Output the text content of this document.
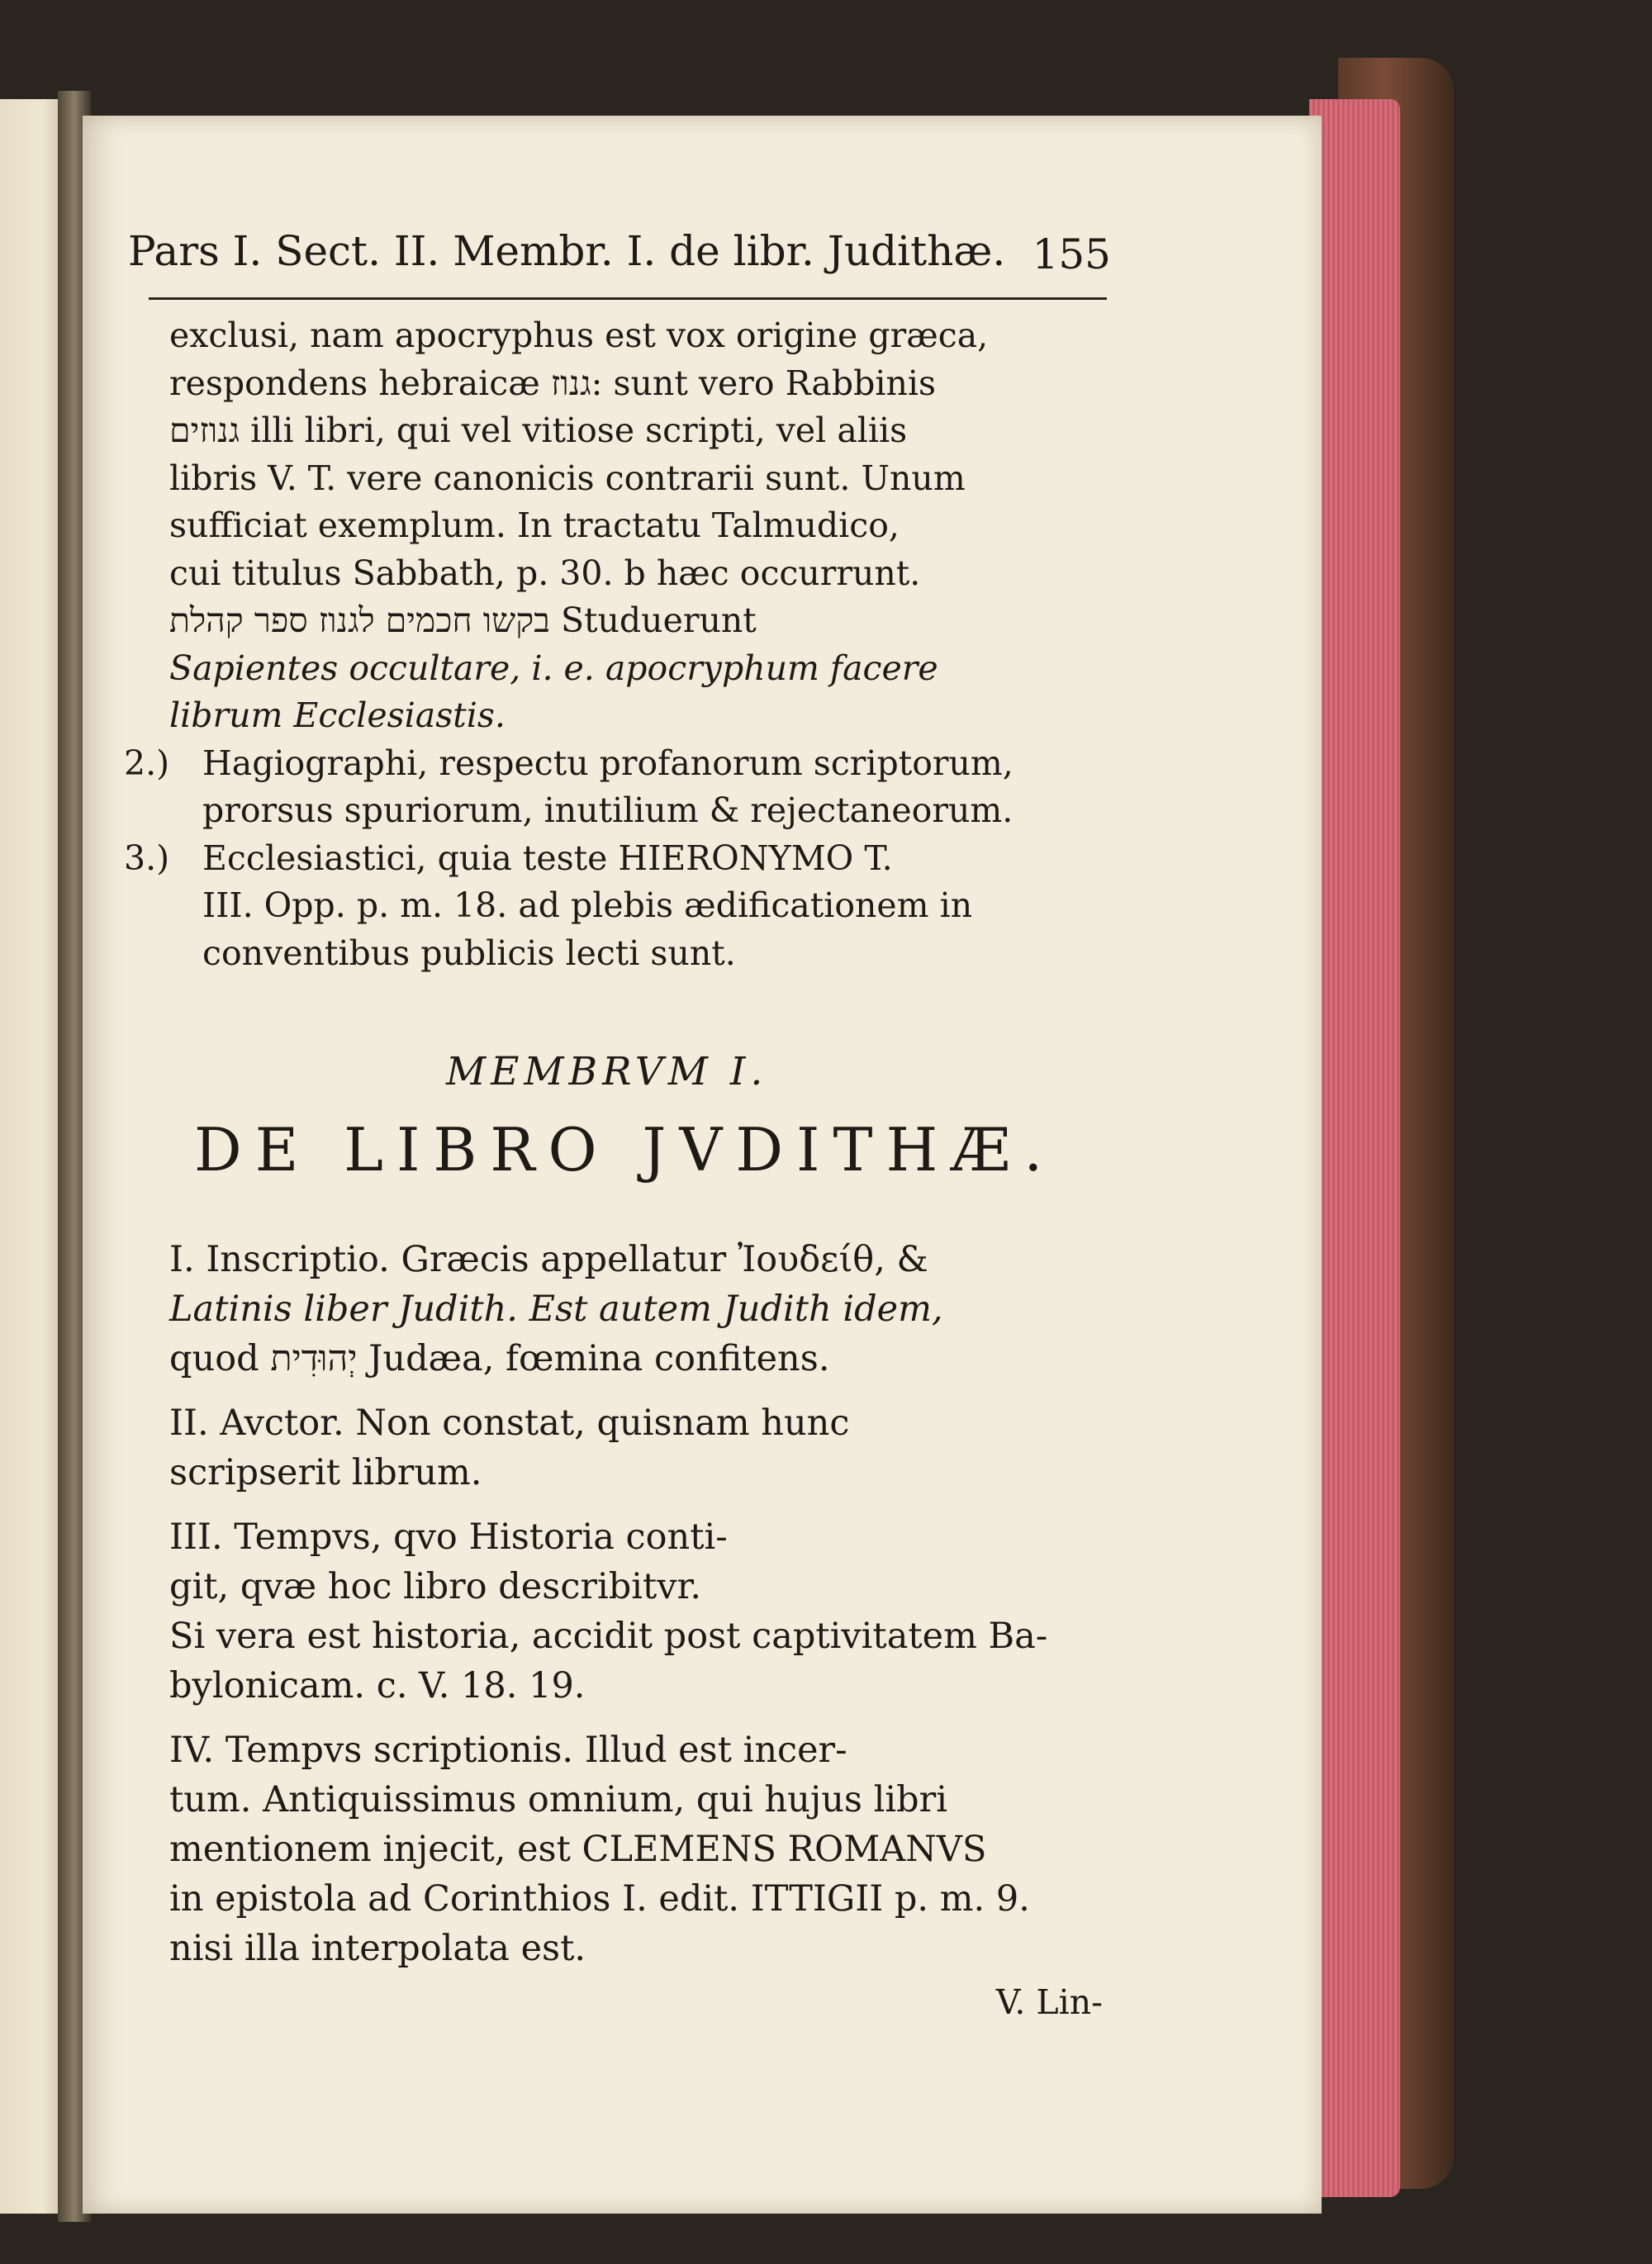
Pars I. Sect. II. Membr. I. de libr. Judithæ. 155
exclusi, nam apocryphus est vox origine græca,
respondens hebraicæ גנוז: sunt vero Rabbinis
גנוזים illi libri, qui vel vitiose scripti, vel aliis
libris V. T. vere canonicis contrarii sunt. Unum
sufficiat exemplum. In tractatu Talmudico,
cui titulus Sabbath, p. 30. b hæc occurrunt.
בקשו חכמים לגנוז ספר קהלת Studuerunt
Sapientes occultare, i. e. apocryphum facere
librum Ecclesiastis.
2.) Hagiographi, respectu profanorum scriptorum,
prorsus spuriorum, inutilium & rejectaneorum.
3.) Ecclesiastici, quia teste HIERONYMO T.
III. Opp. p. m. 18. ad plebis ædificationem in
conventibus publicis lecti sunt.
MEMBRVM I.
DE LIBRO JVDITHÆ.
I. Inscriptio. Græcis appellatur Ἰουδείθ, &
Latinis liber Judith. Est autem Judith idem,
quod יְהוּדִית Judæa, fœmina confitens.
II. Avctor. Non constat, quisnam hunc
scripserit librum.
III. Tempvs, qvo Historia conti-
git, qvæ hoc libro describitvr.
Si vera est historia, accidit post captivitatem Ba-
bylonicam. c. V. 18. 19.
IV. Tempvs scriptionis. Illud est incer-
tum. Antiquissimus omnium, qui hujus libri
mentionem injecit, est CLEMENS ROMANVS
in epistola ad Corinthios I. edit. ITTIGII p. m. 9.
nisi illa interpolata est.
V. Lin-
